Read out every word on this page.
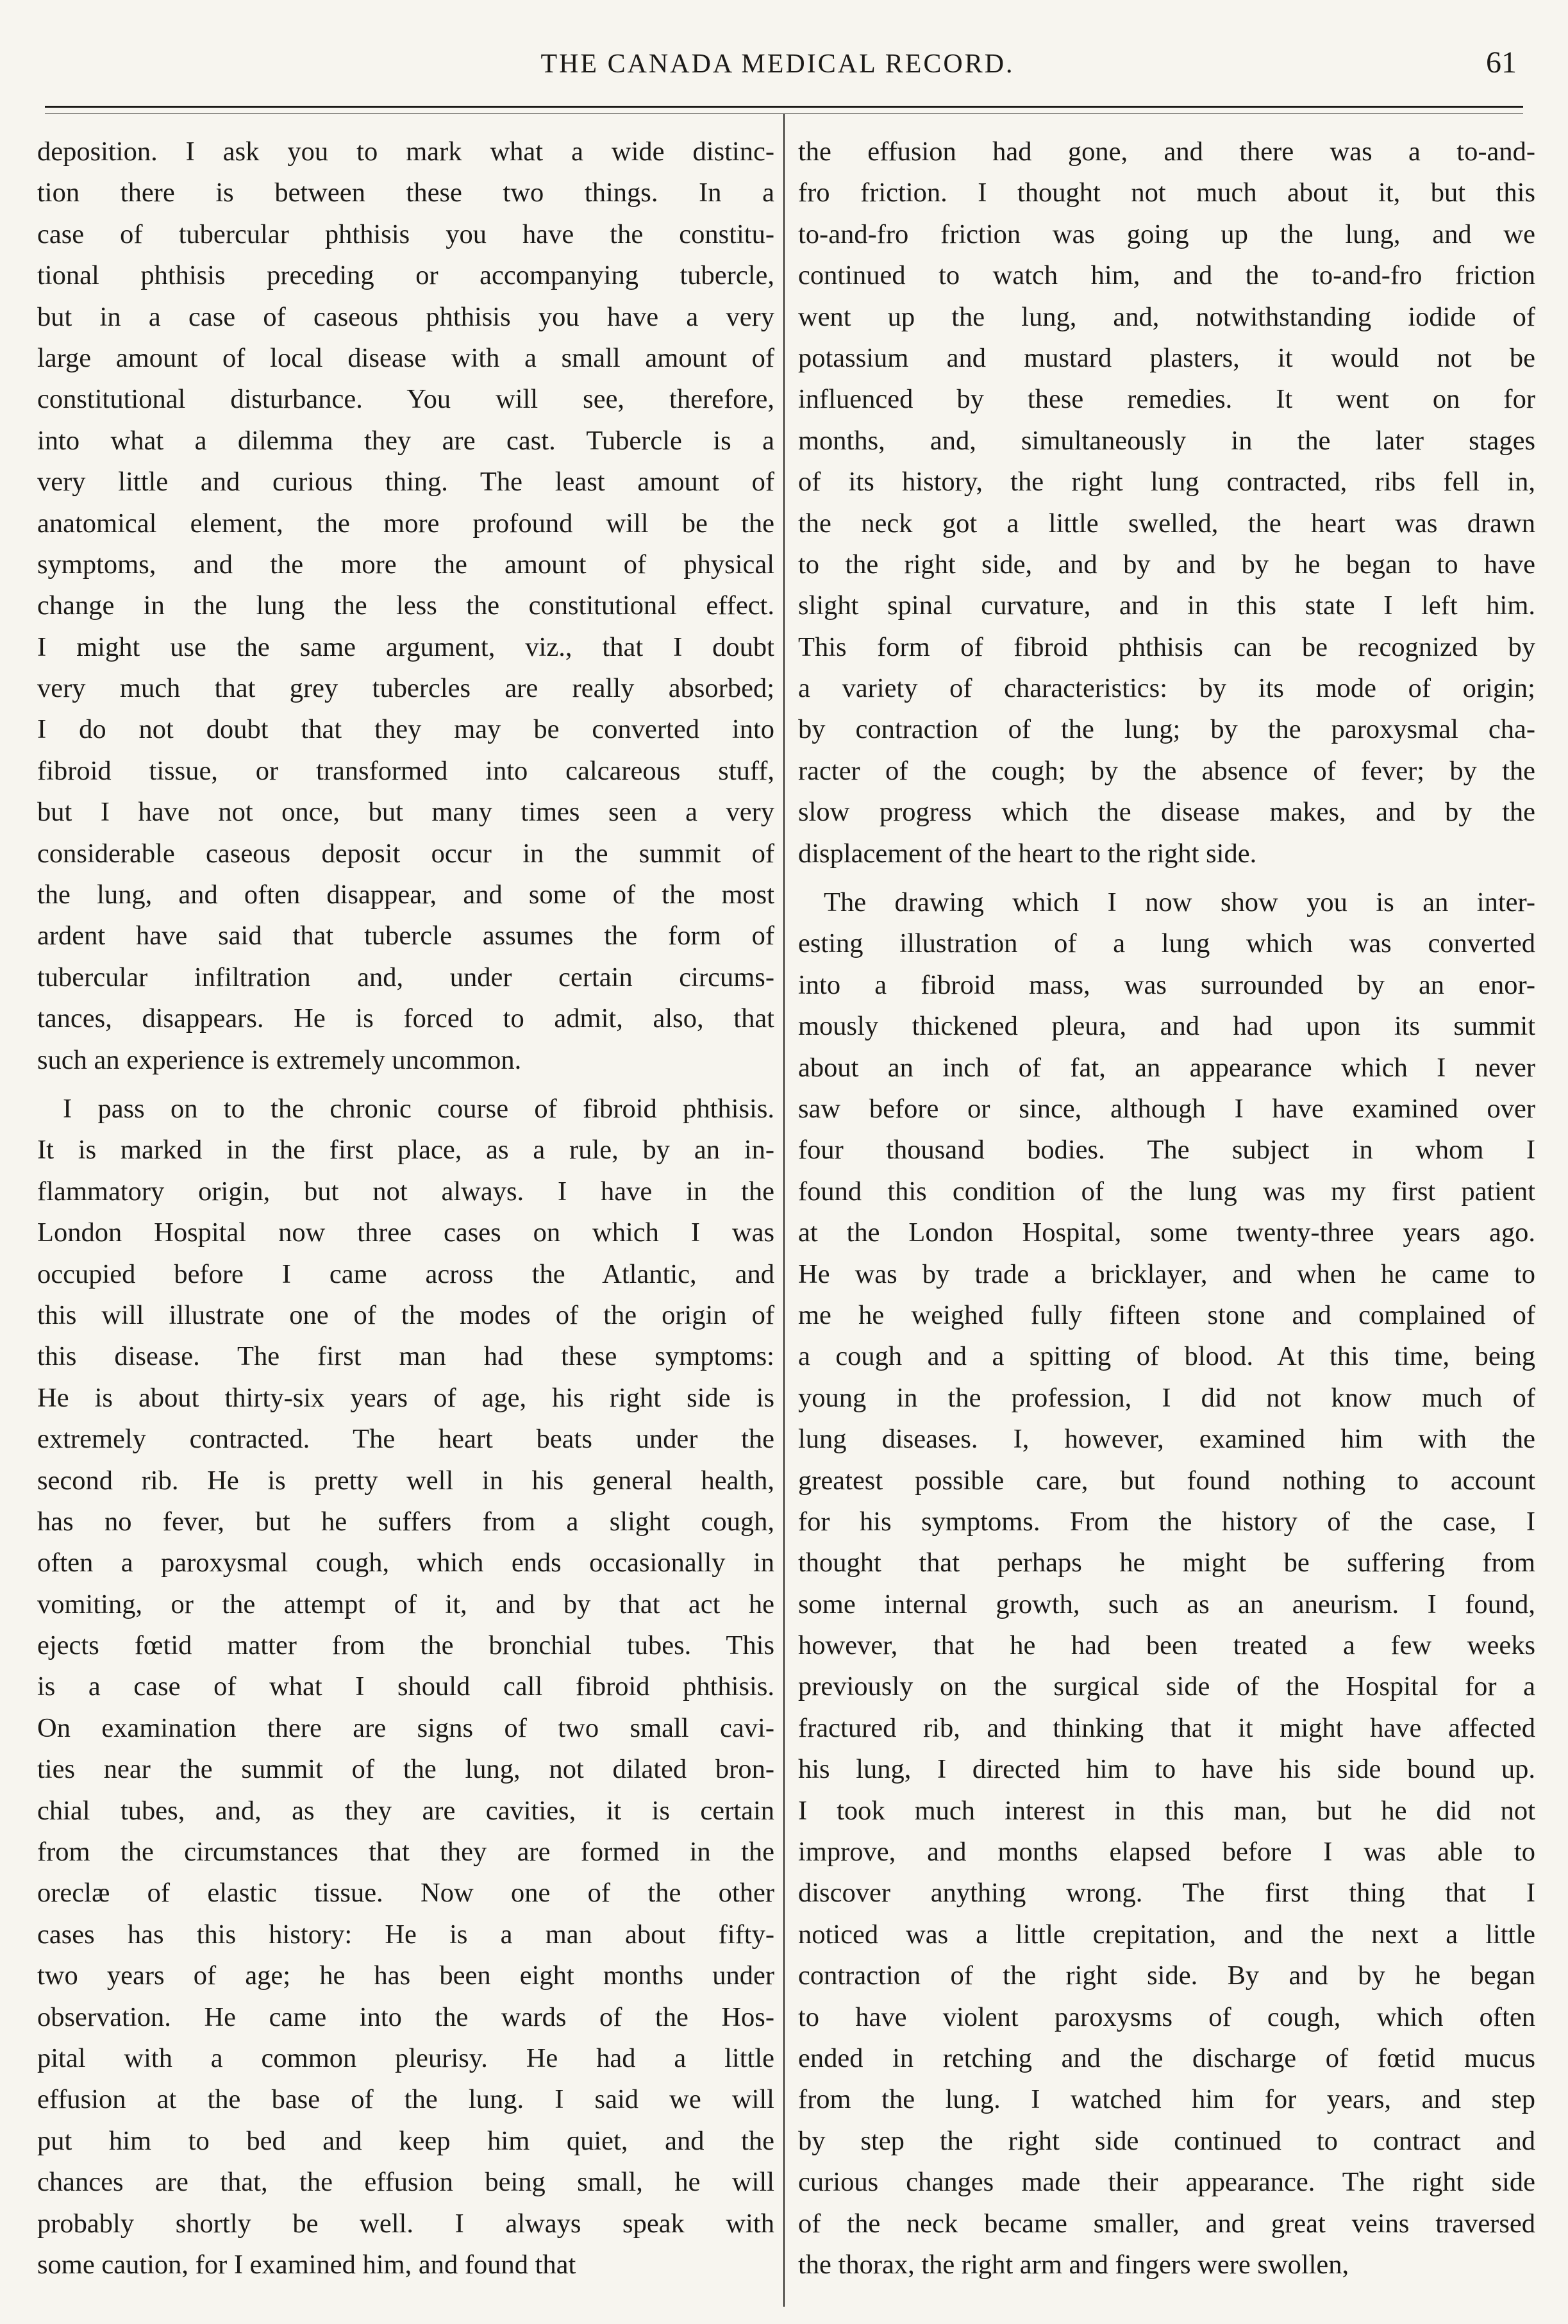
THE CANADA MEDICAL RECORD.	61
deposition. I ask you to mark what a wide distinc-
tion there is between these two things. In a
case of tubercular phthisis you have the constitu-
tional phthisis preceding or accompanying tubercle,
but in a case of caseous phthisis you have a very
large amount of local disease with a small amount of
constitutional disturbance. You will see, therefore,
into what a dilemma they are cast. Tubercle is a
very little and curious thing. The least amount of
anatomical element, the more profound will be the
symptoms, and the more the amount of physical
change in the lung the less the constitutional effect.
I might use the same argument, viz., that I doubt
very much that grey tubercles are really absorbed;
I do not doubt that they may be converted into
fibroid tissue, or transformed into calcareous stuff,
but I have not once, but many times seen a very
considerable caseous deposit occur in the summit of
the lung, and often disappear, and some of the most
ardent have said that tubercle assumes the form of
tubercular infiltration and, under certain circums-
tances, disappears. He is forced to admit, also, that
such an experience is extremely uncommon.
I pass on to the chronic course of fibroid phthisis.
It is marked in the first place, as a rule, by an in-
flammatory origin, but not always. I have in the
London Hospital now three cases on which I was
occupied before I came across the Atlantic, and
this will illustrate one of the modes of the origin of
this disease. The first man had these symptoms:
He is about thirty-six years of age, his right side is
extremely contracted. The heart beats under the
second rib. He is pretty well in his general health,
has no fever, but he suffers from a slight cough,
often a paroxysmal cough, which ends occasionally in
vomiting, or the attempt of it, and by that act he
ejects fœtid matter from the bronchial tubes. This
is a case of what I should call fibroid phthisis.
On examination there are signs of two small cavi-
ties near the summit of the lung, not dilated bron-
chial tubes, and, as they are cavities, it is certain
from the circumstances that they are formed in the
oreclæ of elastic tissue. Now one of the other
cases has this history: He is a man about fifty-
two years of age; he has been eight months under
observation. He came into the wards of the Hos-
pital with a common pleurisy. He had a little
effusion at the base of the lung. I said we will
put him to bed and keep him quiet, and the
chances are that, the effusion being small, he will
probably shortly be well. I always speak with
some caution, for I examined him, and found that
the effusion had gone, and there was a to-and-
fro friction. I thought not much about it, but this
to-and-fro friction was going up the lung, and we
continued to watch him, and the to-and-fro friction
went up the lung, and, notwithstanding iodide of
potassium and mustard plasters, it would not be
influenced by these remedies. It went on for
months, and, simultaneously in the later stages
of its history, the right lung contracted, ribs fell in,
the neck got a little swelled, the heart was drawn
to the right side, and by and by he began to have
slight spinal curvature, and in this state I left him.
This form of fibroid phthisis can be recognized by
a variety of characteristics: by its mode of origin;
by contraction of the lung; by the paroxysmal cha-
racter of the cough; by the absence of fever; by the
slow progress which the disease makes, and by the
displacement of the heart to the right side.
The drawing which I now show you is an inter-
esting illustration of a lung which was converted
into a fibroid mass, was surrounded by an enor-
mously thickened pleura, and had upon its summit
about an inch of fat, an appearance which I never
saw before or since, although I have examined over
four thousand bodies. The subject in whom I
found this condition of the lung was my first patient
at the London Hospital, some twenty-three years ago.
He was by trade a bricklayer, and when he came to
me he weighed fully fifteen stone and complained of
a cough and a spitting of blood. At this time, being
young in the profession, I did not know much of
lung diseases. I, however, examined him with the
greatest possible care, but found nothing to account
for his symptoms. From the history of the case, I
thought that perhaps he might be suffering from
some internal growth, such as an aneurism. I found,
however, that he had been treated a few weeks
previously on the surgical side of the Hospital for a
fractured rib, and thinking that it might have affected
his lung, I directed him to have his side bound up.
I took much interest in this man, but he did not
improve, and months elapsed before I was able to
discover anything wrong. The first thing that I
noticed was a little crepitation, and the next a little
contraction of the right side. By and by he began
to have violent paroxysms of cough, which often
ended in retching and the discharge of fœtid mucus
from the lung. I watched him for years, and step
by step the right side continued to contract and
curious changes made their appearance. The right side
of the neck became smaller, and great veins traversed
the thorax, the right arm and fingers were swollen,
